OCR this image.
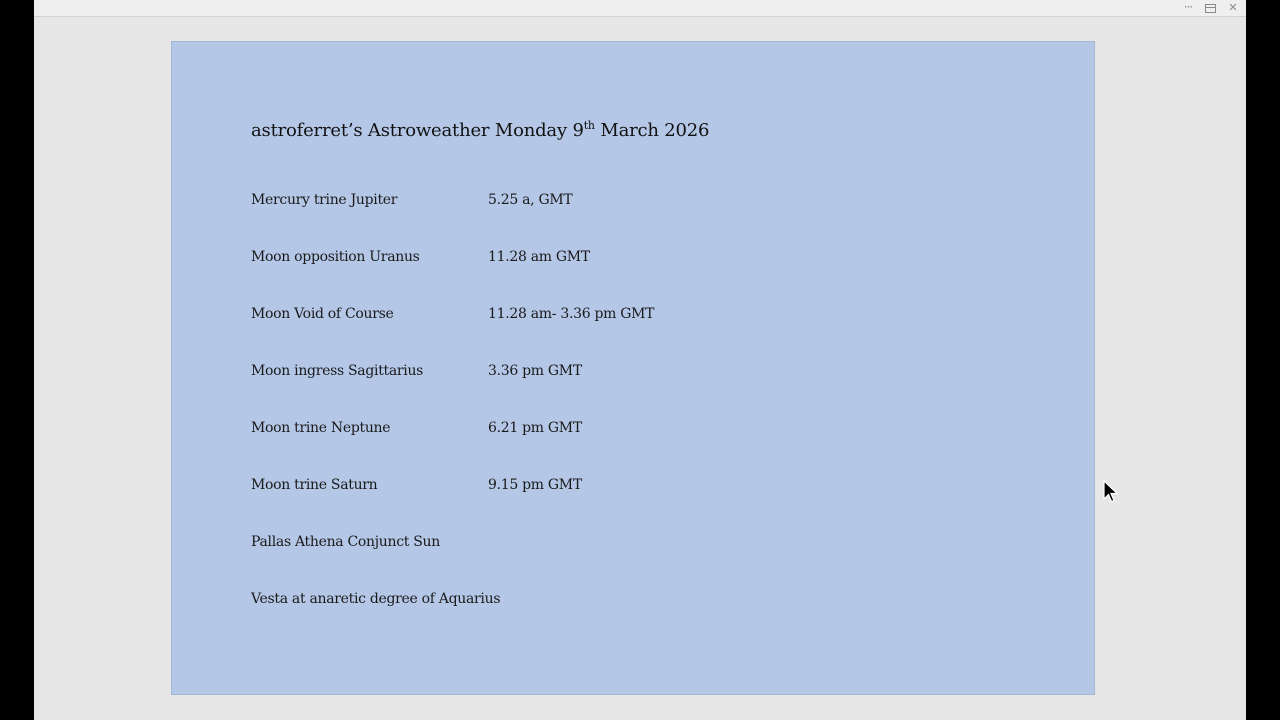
···	✕
astroferret’s Astroweather Monday 9th March 2026
Mercury trine Jupiter	5.25 a, GMT
Moon opposition Uranus	11.28 am GMT
Moon Void of Course	11.28 am- 3.36 pm GMT
Moon ingress Sagittarius	3.36 pm GMT
Moon trine Neptune	6.21 pm GMT
Moon trine Saturn	9.15 pm GMT
Pallas Athena Conjunct Sun
Vesta at anaretic degree of Aquarius
